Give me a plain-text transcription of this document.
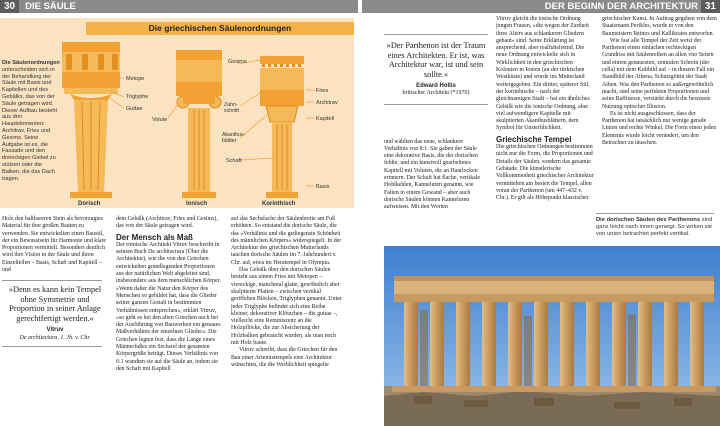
30 DIE SÄULE	DER BEGINN DER ARCHITEKTUR 31
Metope
Triglyphe
Guttae
Volute
Gesims
Zahn-schnitt
Akanthus-blätter
Schaft
Fries
Architrav
Kapitell
Basis
Dorisch	Ionisch	Korinthisch
Die griechischen Säulenordnungen
Die Säulenordnungen unterscheiden sich in der Behandlung der Säule mit Basis und Kapitellen und des Gebälks, das von der Säule getragen wird. Dieser Aufbau besteht aus drei Hauptelementen: Architrav, Fries und Gesims. Seine Aufgabe ist es, die Fassade und den dreieckigen Giebel zu stützen oder die Balken, die das Dach tragen.

Holz den haltbareren Stein als bevorzugtes Material für ihre großen Bauten zu verwenden. Sie entwickelten einen Baustil, der ein Bewusstsein für Harmonie und klare Proportionen vermittelt. Besonders deutlich wird ihre Vision in der Säule und ihren Einzelteilen – Basis, Schaft und Kapitell – und

»Denn es kann kein Tempel ohne Symmetrie und Proportion in seiner Anlage gerechtfertigt werden.«
Vitruv
De architectura, 1. Jh. v. Chr.

dem Gebälk (Architrav, Fries und Gesims), das von der Säule getragen wird.

Der Mensch als Maß

Der römische Architekt Vitruv beschreibt in seinem Buch De architectura (Über die Architektur), wie die von den Griechen entwickelten grundlegenden Proportionen aus der natürlichen Welt abgeleitet sind, insbesondere aus dem menschlichen Körper. »Wenn daher die Natur den Körper des Menschen so gebildet hat, dass die Glieder seiner ganzen Gestalt in bestimmten Verhältnissen entsprechen«, erklärt Vitruv, »so geht es bei den alten Griechen auch bei der Ausführung von Bauwerken ein genaues Maßverhältnis der einzelnen Glieder«. Die Griechen legten fest, dass die Länge eines Männerfußes ein Sechstel der gesamten Körpergröße beträgt. Dieses Verhältnis von 6:1 wandten sie auf die Säule an, indem sie den Schaft mit Kapitell

auf das Sechsfache der Säulenbreite am Fuß erhöhten. So entstand die dorische Säule, die das »Verhältnis und die gediegenste Schönheit des männlichen Körpers« widerspiegelt. In der Architektur des griechischen Mutterlands tauchen dorische Säulen im 7. Jahrhundert v. Chr. auf, etwa im Heratempel in Olympia.

Das Gebälk über den dorischen Säulen besteht aus einem Fries mit Metopen – viereckige, manchmal glatte, gewöhnlich aber skulptierte Platten – zwischen vertikal geriffelten Blöcken, Triglyphen genannt. Unter jeder Triglyphe befindet sich eine Reihe kleiner, dekorativer Klötzchen – die guttae –, vielleicht eine Reminiszenz an die Holzpflöcke, die zur Absicherung der Holzbalken gebraucht wurden, als man noch mit Holz baute.

Vitruv schreibt, dass die Griechen für den Bau einer Artemistempels eine Architektur wünschten, die die Weiblichkeit spiegelte

»Der Parthenon ist der Traum eines Architekten. Er ist, was Architektur war, ist und sein sollte.«
Edward Hollis
britischer Architekt (*1970)

und wählten das neue, schlankere Verhältnis von 8:1. Sie gaben der Säule eine dekorative Basis, die der dorischen fehlte, und ein kunstvoll gearbeitetes Kapitell mit Voluten, die an Haarlocken erinnern. Der Schaft hat flache, vertikale Hohlkehlen, Kanneluren genannt, wie Falten in einem Gewand – aber auch dorische Säulen können Kanneluren aufweisen. Mit den Worten

Vitruv gleicht die ionische Ordnung jungen Frauen, »die wegen der Zartheit ihres Alters aus schlankeren Gliedern gebaut« sind. Seine Erklärung ist ansprechend, aber realitätsfremd. Die neue Ordnung entwickelte sich in Wirklichkeit in den griechischen Kolonien in Ionien (an der türkischen Westküste) und wurde ins Mutterland weitergegeben. Ein dritter, späterer Stil, der korinthische – nach der gleichnamigen Stadt – hat ein ähnliches Gebälk wie die ionische Ordnung, aber viel aufwendigere Kapitelle mit skulptierten Akanthusblättern, dem Symbol für Unsterblichkeit.

Griechische Tempel

Die griechischen Ordnungen bestimmten nicht nur die Form, die Proportionen und Details der Säulen, sondern das gesamte Gebäude. Die künstlerische Vollkommenheit griechischer Architektur vermittelten am besten die Tempel, allen voran der Parthenon (um 447–432 v. Chr.). Er gilt als Höhepunkt klassischer

griechischer Kunst. In Auftrag gegeben von dem Staatsmann Perikles, wurde er von den Baumeistern Iktinos und Kallikrates entworfen.

Wie fast alle Tempel der Zeit weist der Parthenon einen einfachen rechteckigen Grundriss mit Säulenreihen an allen vier Seiten und einem genauesten, zentralen Schrein (der cella) mit dem Kultbild auf – in diesem Fall ein Standbild der Athena, Schutzgöttin der Stadt Athen. Was den Parthenon so außergewöhnlich macht, sind seine perfekten Proportionen und seine Raffinesse, verstärkt durch die bewusste Nutzung optischer Illusion.

Es ist nicht ausgeschlossen, dass der Parthenon hat tatsächlich nur wenige gerade Linien und rechte Winkel. Die Form einen jeden Elements wurde leicht verändert, um den Betrachter zu täuschen.

Die dorischen Säulen des Parthenons sind ganz leicht nach innen geneigt. So wirken sie von unten betrachtet perfekt vertikal.
